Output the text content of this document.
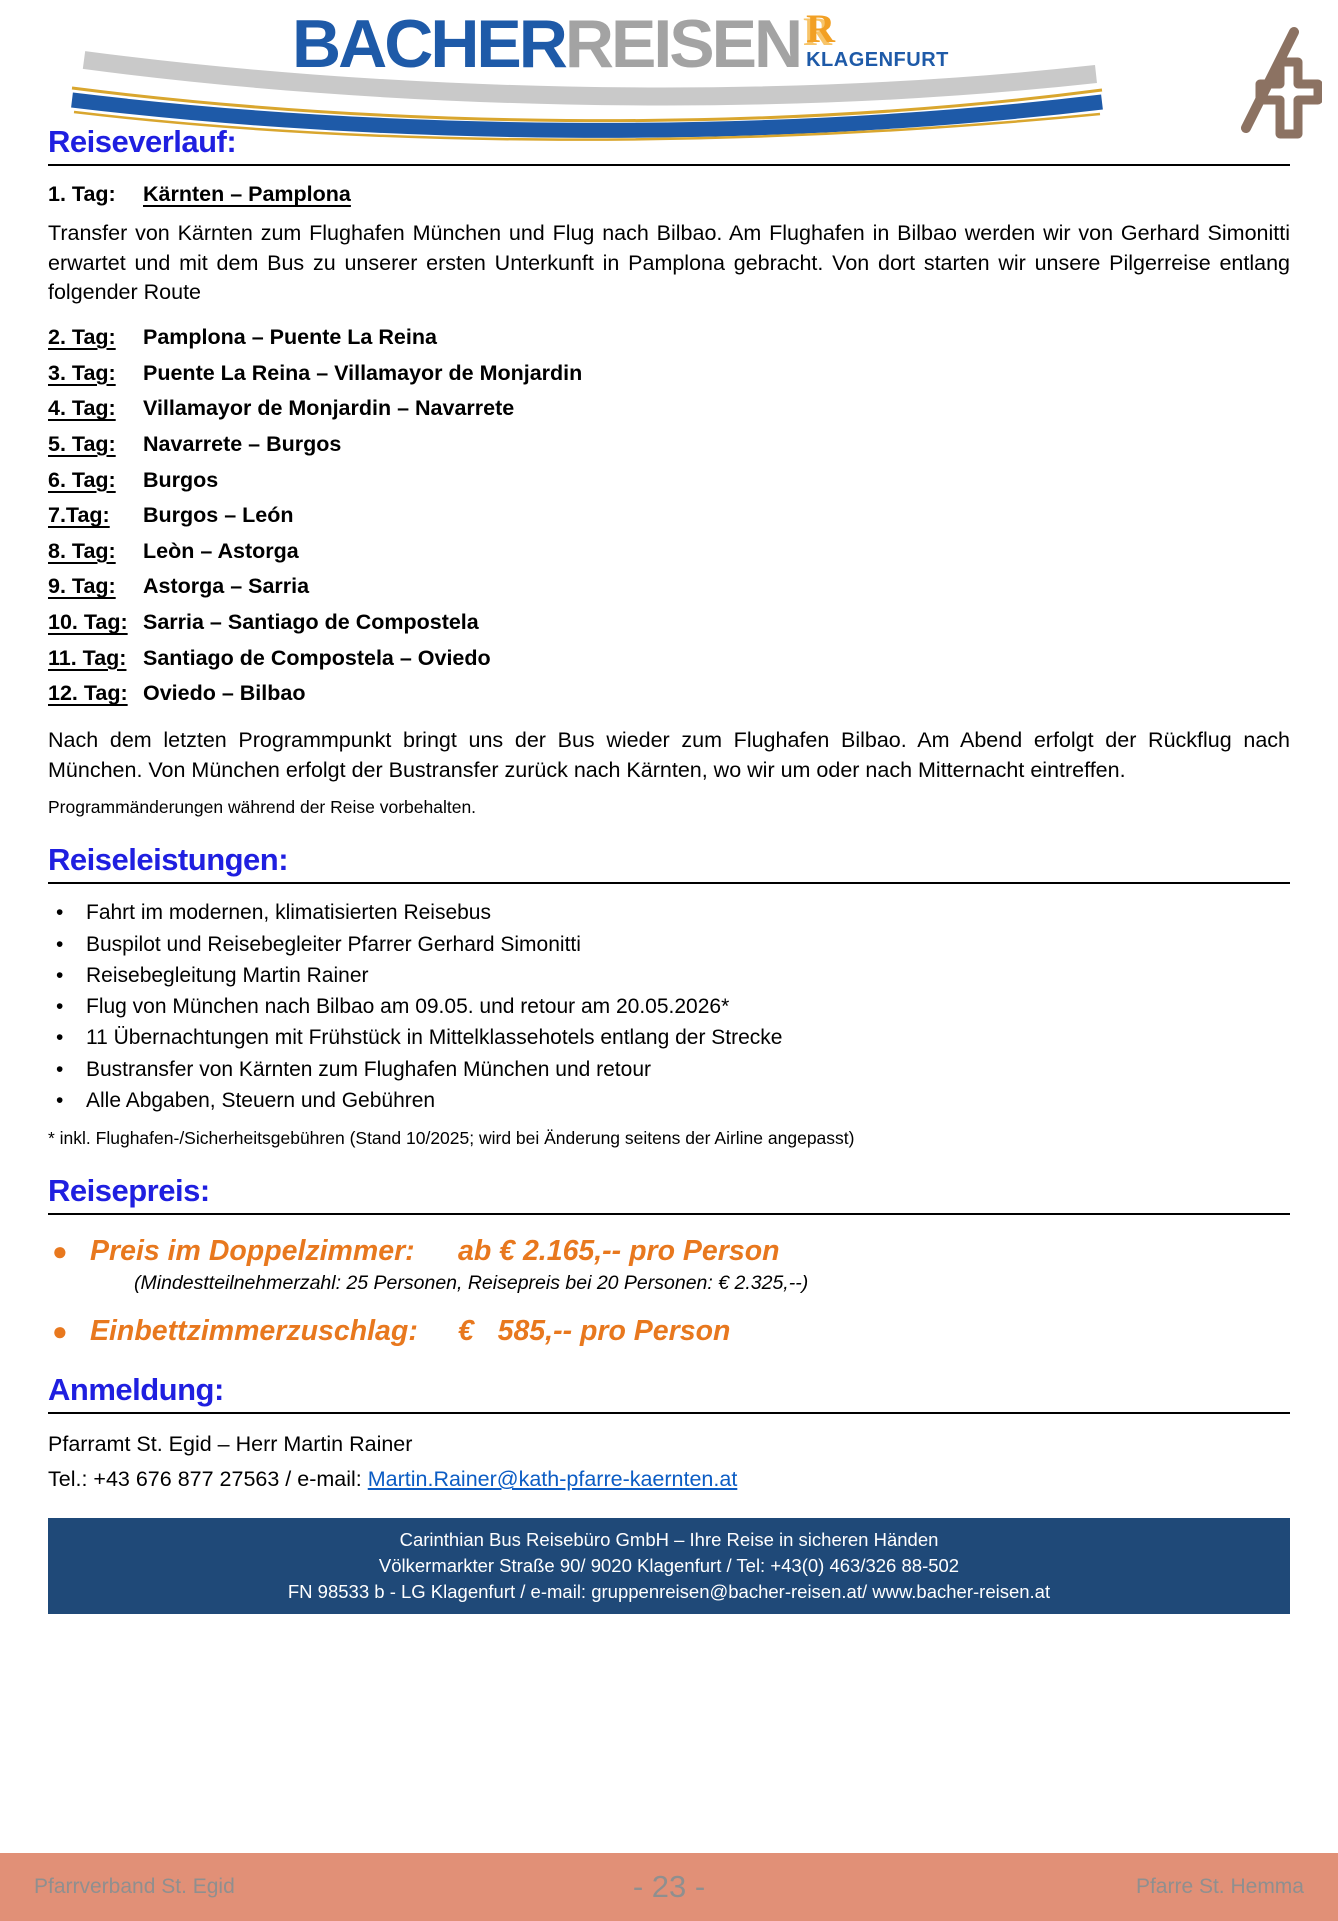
BACHERREISEN R
KLAGENFURT
Reiseverlauf:
1. Tag: Kärnten – Pamplona

Transfer von Kärnten zum Flughafen München und Flug nach Bilbao. Am Flughafen in Bilbao werden wir von Gerhard Simonitti erwartet und mit dem Bus zu unserer ersten Unterkunft in Pamplona gebracht. Von dort starten wir unsere Pilgerreise entlang folgender Route

2. Tag:	Pamplona – Puente La Reina
3. Tag:	Puente La Reina – Villamayor de Monjardin
4. Tag:	Villamayor de Monjardin – Navarrete
5. Tag:	Navarrete – Burgos
6. Tag:	Burgos
7.Tag:	Burgos – León
8. Tag:	Leòn – Astorga
9. Tag:	Astorga – Sarria
10. Tag: Sarria – Santiago de Compostela
11. Tag: Santiago de Compostela – Oviedo
12. Tag: Oviedo – Bilbao

Nach dem letzten Programmpunkt bringt uns der Bus wieder zum Flughafen Bilbao. Am Abend erfolgt der Rückflug nach München. Von München erfolgt der Bustransfer zurück nach Kärnten, wo wir um oder nach Mitternacht eintreffen.

Programmänderungen während der Reise vorbehalten.

Reiseleistungen:
• Fahrt im modernen, klimatisierten Reisebus
• Buspilot und Reisebegleiter Pfarrer Gerhard Simonitti
• Reisebegleitung Martin Rainer
• Flug von München nach Bilbao am 09.05. und retour am 20.05.2026*
• 11 Übernachtungen mit Frühstück in Mittelklassehotels entlang der Strecke
• Bustransfer von Kärnten zum Flughafen München und retour
• Alle Abgaben, Steuern und Gebühren

* inkl. Flughafen-/Sicherheitsgebühren (Stand 10/2025; wird bei Änderung seitens der Airline angepasst)

Reisepreis:
● Preis im Doppelzimmer:	ab € 2.165,-- pro Person

(Mindestteilnehmerzahl: 25 Personen, Reisepreis bei 20 Personen: € 2.325,--)

● Einbettzimmerzuschlag:	€   585,-- pro Person
Anmeldung:

Pfarramt St. Egid – Herr Martin Rainer

Tel.: +43 676 877 27563 / e-mail: Martin.Rainer@kath-pfarre-kaernten.at

Carinthian Bus Reisebüro GmbH – Ihre Reise in sicheren Händen
Völkermarkter Straße 90/ 9020 Klagenfurt / Tel: +43(0) 463/326 88-502
FN 98533 b - LG Klagenfurt / e-mail: gruppenreisen@bacher-reisen.at/ www.bacher-reisen.at
Pfarrverband St. Egid	- 23 -	Pfarre St. Hemma
